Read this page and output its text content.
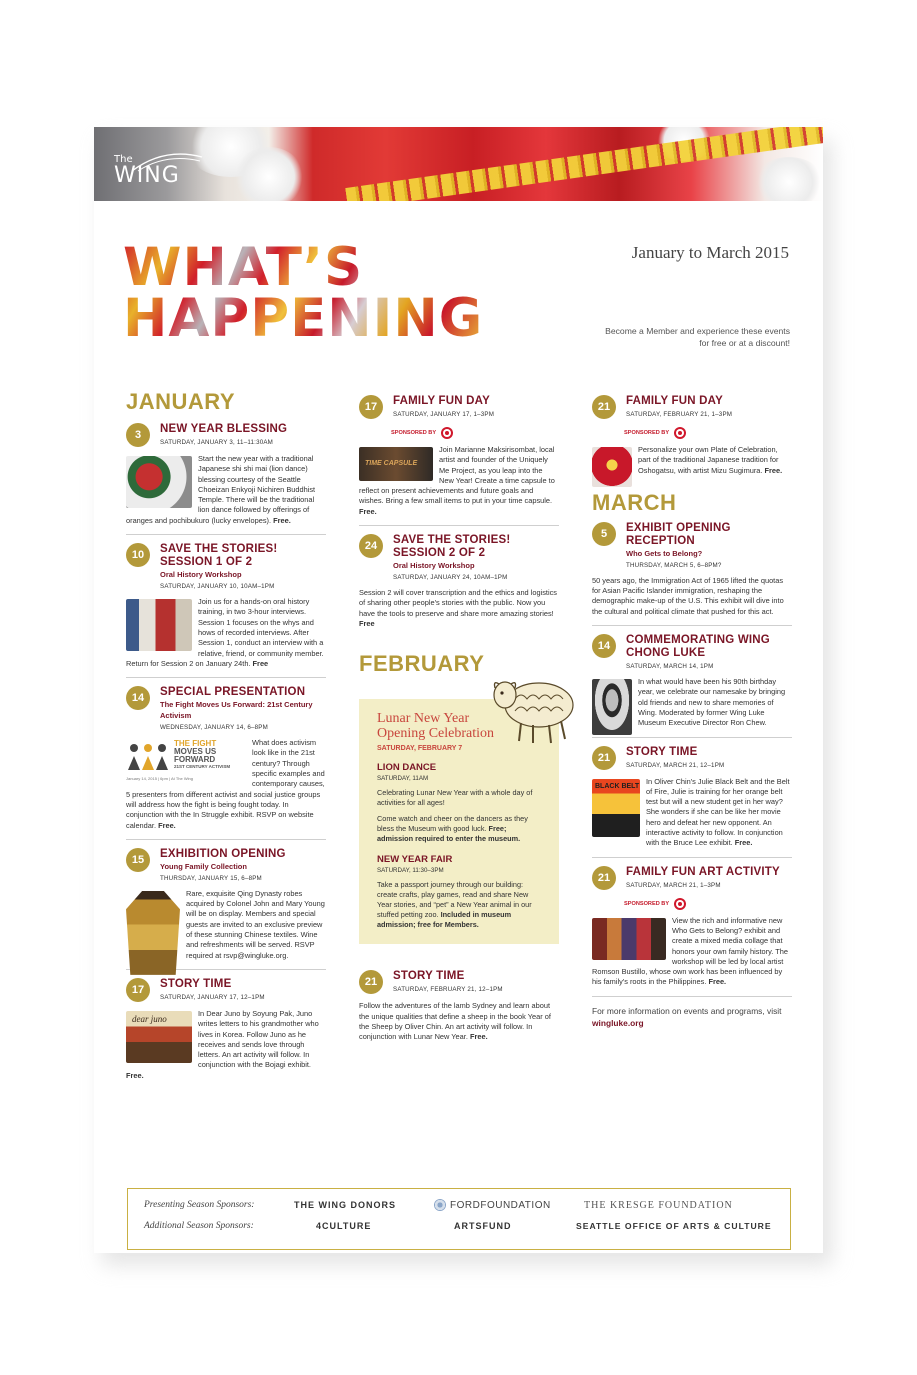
The
WING
WHAT’S
HAPPENING
January to March 2015
Become a Member and experience these events for free or at a discount!
JANUARY
3	NEW YEAR BLESSING
SATURDAY, JANUARY 3, 11–11:30AM
Start the new year with a traditional Japanese shi shi mai (lion dance) blessing courtesy of the Seattle Choeizan Enkyoji Nichiren Buddhist Temple. There will be the traditional lion dance followed by offerings of oranges and pochibukuro (lucky envelopes). Free.
10	SAVE THE STORIES! SESSION 1 OF 2
Oral History Workshop
SATURDAY, JANUARY 10, 10AM–1PM
Join us for a hands-on oral history training, in two 3-hour interviews. Session 1 focuses on the whys and hows of recorded interviews. After Session 1, conduct an interview with a relative, friend, or community member. Return for Session 2 on January 24th. Free
14	SPECIAL PRESENTATION
The Fight Moves Us Forward: 21st Century Activism
WEDNESDAY, JANUARY 14, 6–8PM
THE FIGHT
MOVES US
FORWARD
21ST CENTURY ACTIVISM
January 14, 2015 | 6pm | At The Wing
What does activism look like in the 21st century? Through specific examples and contemporary causes, 5 presenters from different activist and social justice groups will address how the fight is being fought today. In conjunction with the In Struggle exhibit. RSVP on website calendar. Free.
15	EXHIBITION OPENING
Young Family Collection
THURSDAY, JANUARY 15, 6–8PM
Rare, exquisite Qing Dynasty robes acquired by Colonel John and Mary Young will be on display. Members and special guests are invited to an exclusive preview of these stunning Chinese textiles. Wine and refreshments will be served. RSVP required at rsvp@wingluke.org.
17	STORY TIME
SATURDAY, JANUARY 17, 12–1PM
dear juno
In Dear Juno by Soyung Pak, Juno writes letters to his grandmother who lives in Korea. Follow Juno as he receives and sends love through letters. An art activity will follow. In conjunction with the Bojagi exhibit. Free.
17	FAMILY FUN DAY
SATURDAY, JANUARY 17, 1–3PM
SPONSORED BY
TIME CAPSULE
Join Marianne Maksirisombat, local artist and founder of the Uniquely Me Project, as you leap into the New Year! Create a time capsule to reflect on present achievements and future goals and wishes. Bring a few small items to put in your time capsule. Free.
24	SAVE THE STORIES! SESSION 2 OF 2
Oral History Workshop
SATURDAY, JANUARY 24, 10AM–1PM
Session 2 will cover transcription and the ethics and logistics of sharing other people's stories with the public. Now you have the tools to preserve and share more amazing stories! Free
FEBRUARY
Lunar New Year Opening Celebration
SATURDAY, FEBRUARY 7
LION DANCE
SATURDAY, 11AM
Celebrating Lunar New Year with a whole day of activities for all ages!
Come watch and cheer on the dancers as they bless the Museum with good luck. Free; admission required to enter the museum.
NEW YEAR FAIR
SATURDAY, 11:30–3PM
Take a passport journey through our building: create crafts, play games, read and share New Year stories, and “pet” a New Year animal in our stuffed petting zoo. Included in museum admission; free for Members.
21	STORY TIME
SATURDAY, FEBRUARY 21, 12–1PM
Follow the adventures of the lamb Sydney and learn about the unique qualities that define a sheep in the book Year of the Sheep by Oliver Chin. An art activity will follow. In conjunction with Lunar New Year. Free.
21	FAMILY FUN DAY
SATURDAY, FEBRUARY 21, 1–3PM
SPONSORED BY
Personalize your own Plate of Celebration, part of the traditional Japanese tradition for Oshogatsu, with artist Mizu Sugimura. Free.
MARCH
5	EXHIBIT OPENING RECEPTION
Who Gets to Belong?
THURSDAY, MARCH 5, 6–8PM?
50 years ago, the Immigration Act of 1965 lifted the quotas for Asian Pacific Islander immigration, reshaping the demographic make-up of the U.S. This exhibit will dive into the cultural and political climate that pushed for this act.
14	COMMEMORATING WING CHONG LUKE
SATURDAY, MARCH 14, 1PM
In what would have been his 90th birthday year, we celebrate our namesake by bringing old friends and new to share memories of Wing. Moderated by former Wing Luke Museum Executive Director Ron Chew.
21	STORY TIME
SATURDAY, MARCH 21, 12–1PM
BLACK BELT
In Oliver Chin's Julie Black Belt and the Belt of Fire, Julie is training for her orange belt test but will a new student get in her way? She wonders if she can be like her movie hero and defeat her new opponent. An interactive activity to follow. In conjunction with the Bruce Lee exhibit. Free.
21	FAMILY FUN ART ACTIVITY
SATURDAY, MARCH 21, 1–3PM
SPONSORED BY
View the rich and informative new Who Gets to Belong? exhibit and create a mixed media collage that honors your own family history. The workshop will be led by local artist Romson Bustillo, whose own work has been influenced by his family's roots in the Philippines. Free.
For more information on events and programs, visit wingluke.org
Presenting Season Sponsors:	THE WING DONORS	FORDFOUNDATION	THE KRESGE FOUNDATION
Additional Season Sponsors:	4CULTURE	ARTSFUND	SEATTLE OFFICE OF ARTS & CULTURE
